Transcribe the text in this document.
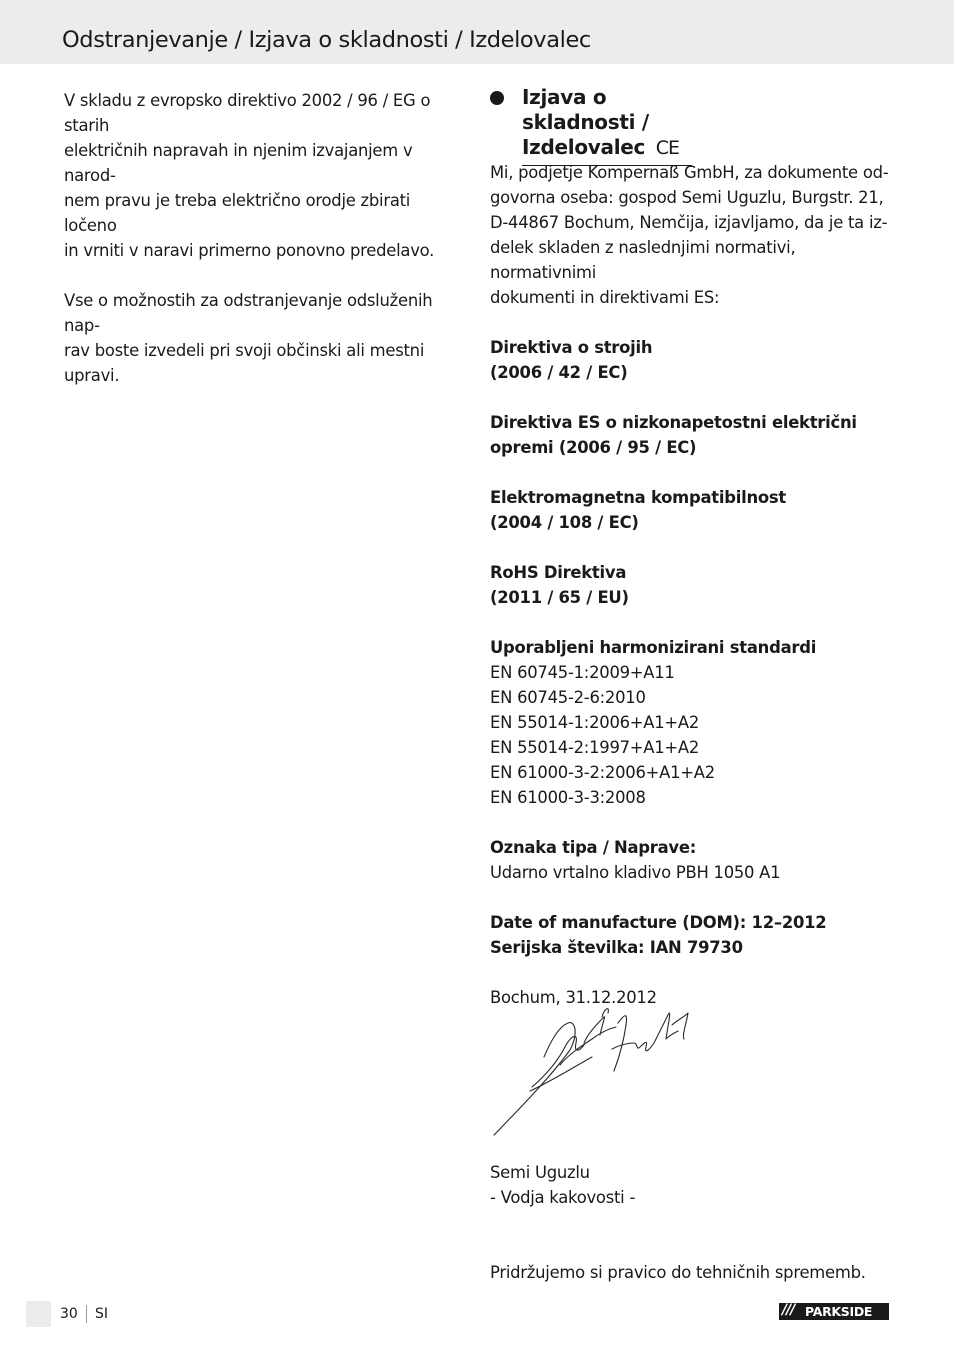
Odstranjevanje / Izjava o skladnosti / Izdelovalec

V skladu z evropsko direktivo 2002 / 96 / EG o starih
električnih napravah in njenim izvajanjem v narod-
nem pravu je treba električno orodje zbirati ločeno
in vrniti v naravi primerno ponovno predelavo.

Vse o možnostih za odstranjevanje odsluženih nap-
rav boste izvedeli pri svoji občinski ali mestni upravi.

Izjava o skladnosti /
Izdelovalec CE

Mi, podjetje Kompernaß GmbH, za dokumente od-
govorna oseba: gospod Semi Uguzlu, Burgstr. 21,
D-44867 Bochum, Nemčija, izjavljamo, da je ta iz-
delek skladen z naslednjimi normativi, normativnimi
dokumenti in direktivami ES:

Direktiva o strojih
(2006 / 42 / EC)

Direktiva ES o nizkonapetostni električni
opremi (2006 / 95 / EC)

Elektromagnetna kompatibilnost
(2004 / 108 / EC)

RoHS Direktiva
(2011 / 65 / EU)

Uporabljeni harmonizirani standardi
EN 60745-1:2009+A11
EN 60745-2-6:2010
EN 55014-1:2006+A1+A2
EN 55014-2:1997+A1+A2
EN 61000-3-2:2006+A1+A2
EN 61000-3-3:2008

Oznaka tipa / Naprave:
Udarno vrtalno kladivo PBH 1050 A1

Date of manufacture (DOM): 12–2012
Serijska številka: IAN 79730

Bochum, 31.12.2012

Semi Uguzlu
- Vodja kakovosti -

Pridržujemo si pravico do tehničnih sprememb.

30 SI	/// PARKSIDE
